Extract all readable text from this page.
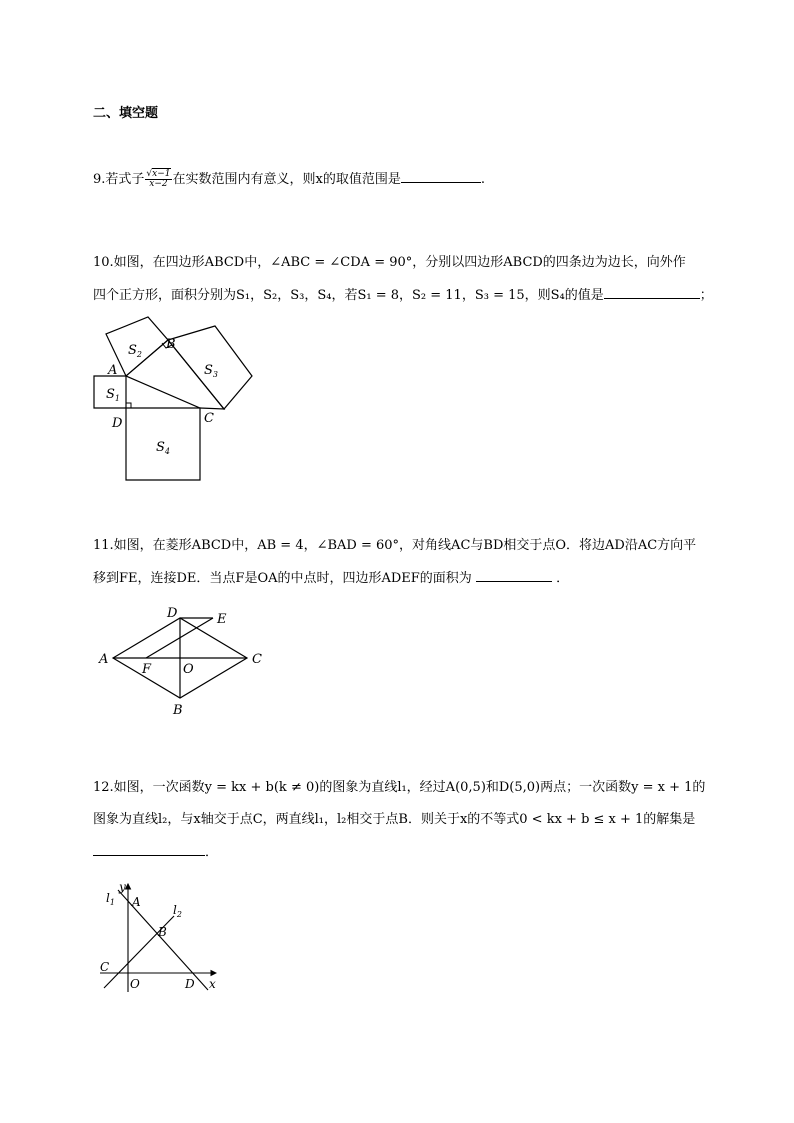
二、填空题
9.若式子 $\frac{√x-1}{x-2}$ 在实数范围内有意义，则x的取值范围是	.
10.如图，在四边形ABCD中，∠ABC = ∠CDA = 90°，分别以四边形ABCD的四条边为边长，向外作
四个正方形，面积分别为S₁，S₂，S₃，S₄，若S₁ = 8，S₂ = 11，S₃ = 15，则S₄的值是	；
$S_2$
$S_3$
$S_1$
$S_4$
A
B
C
D
11.如图，在菱形ABCD中，AB = 4，∠BAD = 60°，对角线AC与BD相交于点O．将边AD沿AC方向平
移到FE，连接DE．当点F是OA的中点时，四边形ADEF的面积为	．
A
D	E
C
F O
B
12.如图，一次函数y = kx + b(k ≠ 0)的图象为直线l₁，经过A(0,5)和D(5,0)两点；一次函数y = x + 1的
图象为直线l₂，与x轴交于点C，两直线l₁，l₂相交于点B．则关于x的不等式0 < kx + b ≤ x + 1的解集是
．
y
$l_1$ A
$l_2$
B
C
O	D x
